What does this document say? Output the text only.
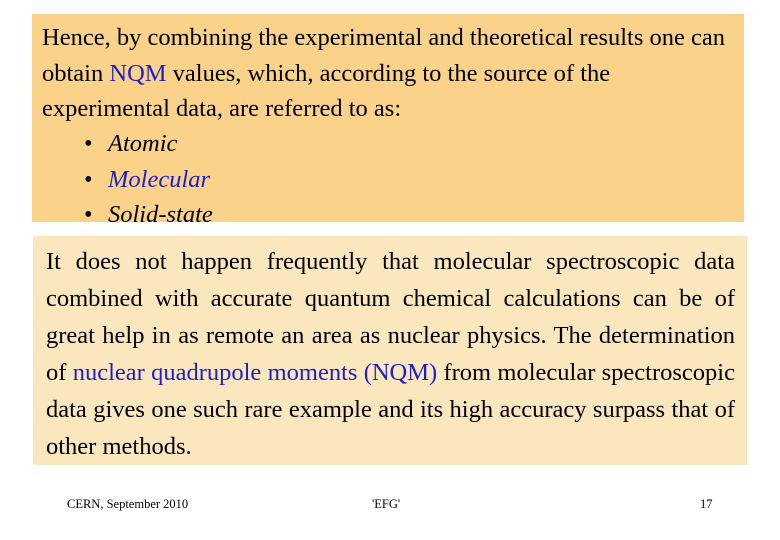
Hence, by combining the experimental and theoretical results one can obtain NQM values, which, according to the source of the experimental data, are referred to as:

• Atomic
• Molecular
• Solid-state

It does not happen frequently that molecular spectroscopic data combined with accurate quantum chemical calculations can be of great help in as remote an area as nuclear physics. The determination of nuclear quadrupole moments (NQM) from molecular spectroscopic data gives one such rare example and its high accuracy surpass that of other methods.

CERN, September 2010	'EFG'	17
